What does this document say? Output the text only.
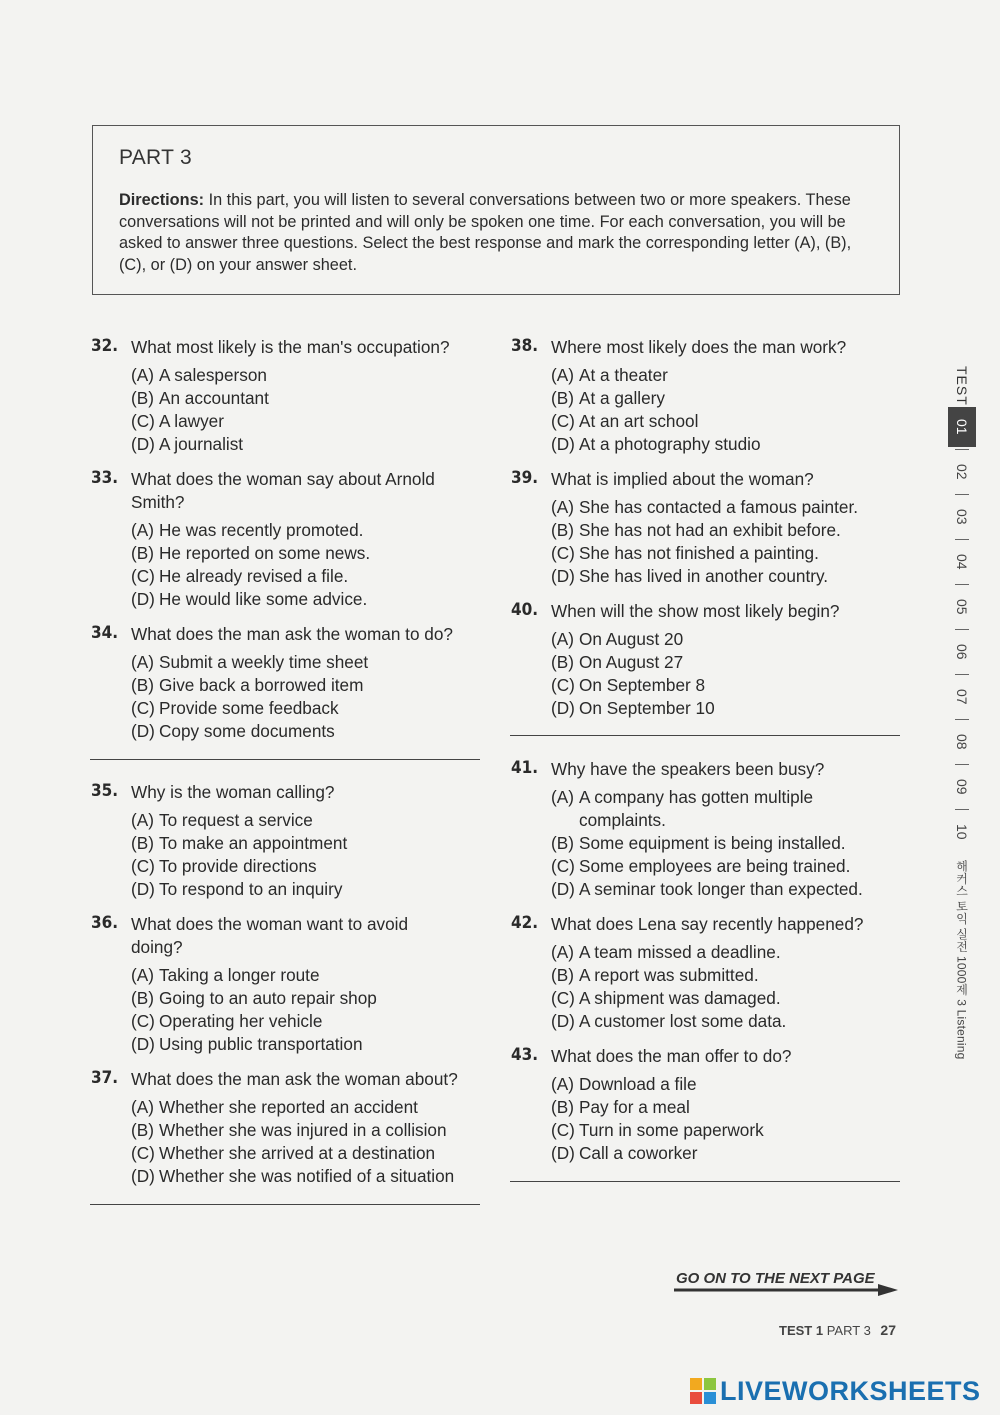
PART 3
Directions: In this part, you will listen to several conversations between two or more speakers. These conversations will not be printed and will only be spoken one time. For each conversation, you will be asked to answer three questions. Select the best response and mark the corresponding letter (A), (B), (C), or (D) on your answer sheet.
32. What most likely is the man's occupation?
(A) A salesperson
(B) An accountant
(C) A lawyer
(D) A journalist
33. What does the woman say about Arnold Smith?
(A) He was recently promoted.
(B) He reported on some news.
(C) He already revised a file.
(D) He would like some advice.
34. What does the man ask the woman to do?
(A) Submit a weekly time sheet
(B) Give back a borrowed item
(C) Provide some feedback
(D) Copy some documents
35. Why is the woman calling?
(A) To request a service
(B) To make an appointment
(C) To provide directions
(D) To respond to an inquiry
36. What does the woman want to avoid doing?
(A) Taking a longer route
(B) Going to an auto repair shop
(C) Operating her vehicle
(D) Using public transportation
37. What does the man ask the woman about?
(A) Whether she reported an accident
(B) Whether she was injured in a collision
(C) Whether she arrived at a destination
(D) Whether she was notified of a situation
38. Where most likely does the man work?
(A) At a theater
(B) At a gallery
(C) At an art school
(D) At a photography studio
39. What is implied about the woman?
(A) She has contacted a famous painter.
(B) She has not had an exhibit before.
(C) She has not finished a painting.
(D) She has lived in another country.
40. When will the show most likely begin?
(A) On August 20
(B) On August 27
(C) On September 8
(D) On September 10
41. Why have the speakers been busy?
(A) A company has gotten multiple complaints.
(B) Some equipment is being installed.
(C) Some employees are being trained.
(D) A seminar took longer than expected.
42. What does Lena say recently happened?
(A) A team missed a deadline.
(B) A report was submitted.
(C) A shipment was damaged.
(D) A customer lost some data.
43. What does the man offer to do?
(A) Download a file
(B) Pay for a meal
(C) Turn in some paperwork
(D) Call a coworker
TEST
01
02
03
04
05
06
07
08
09
10
해커스 토익 실전 1000제 3 Listening
GO ON TO THE NEXT PAGE
TEST 1 PART 3 27
LIVEWORKSHEETS
